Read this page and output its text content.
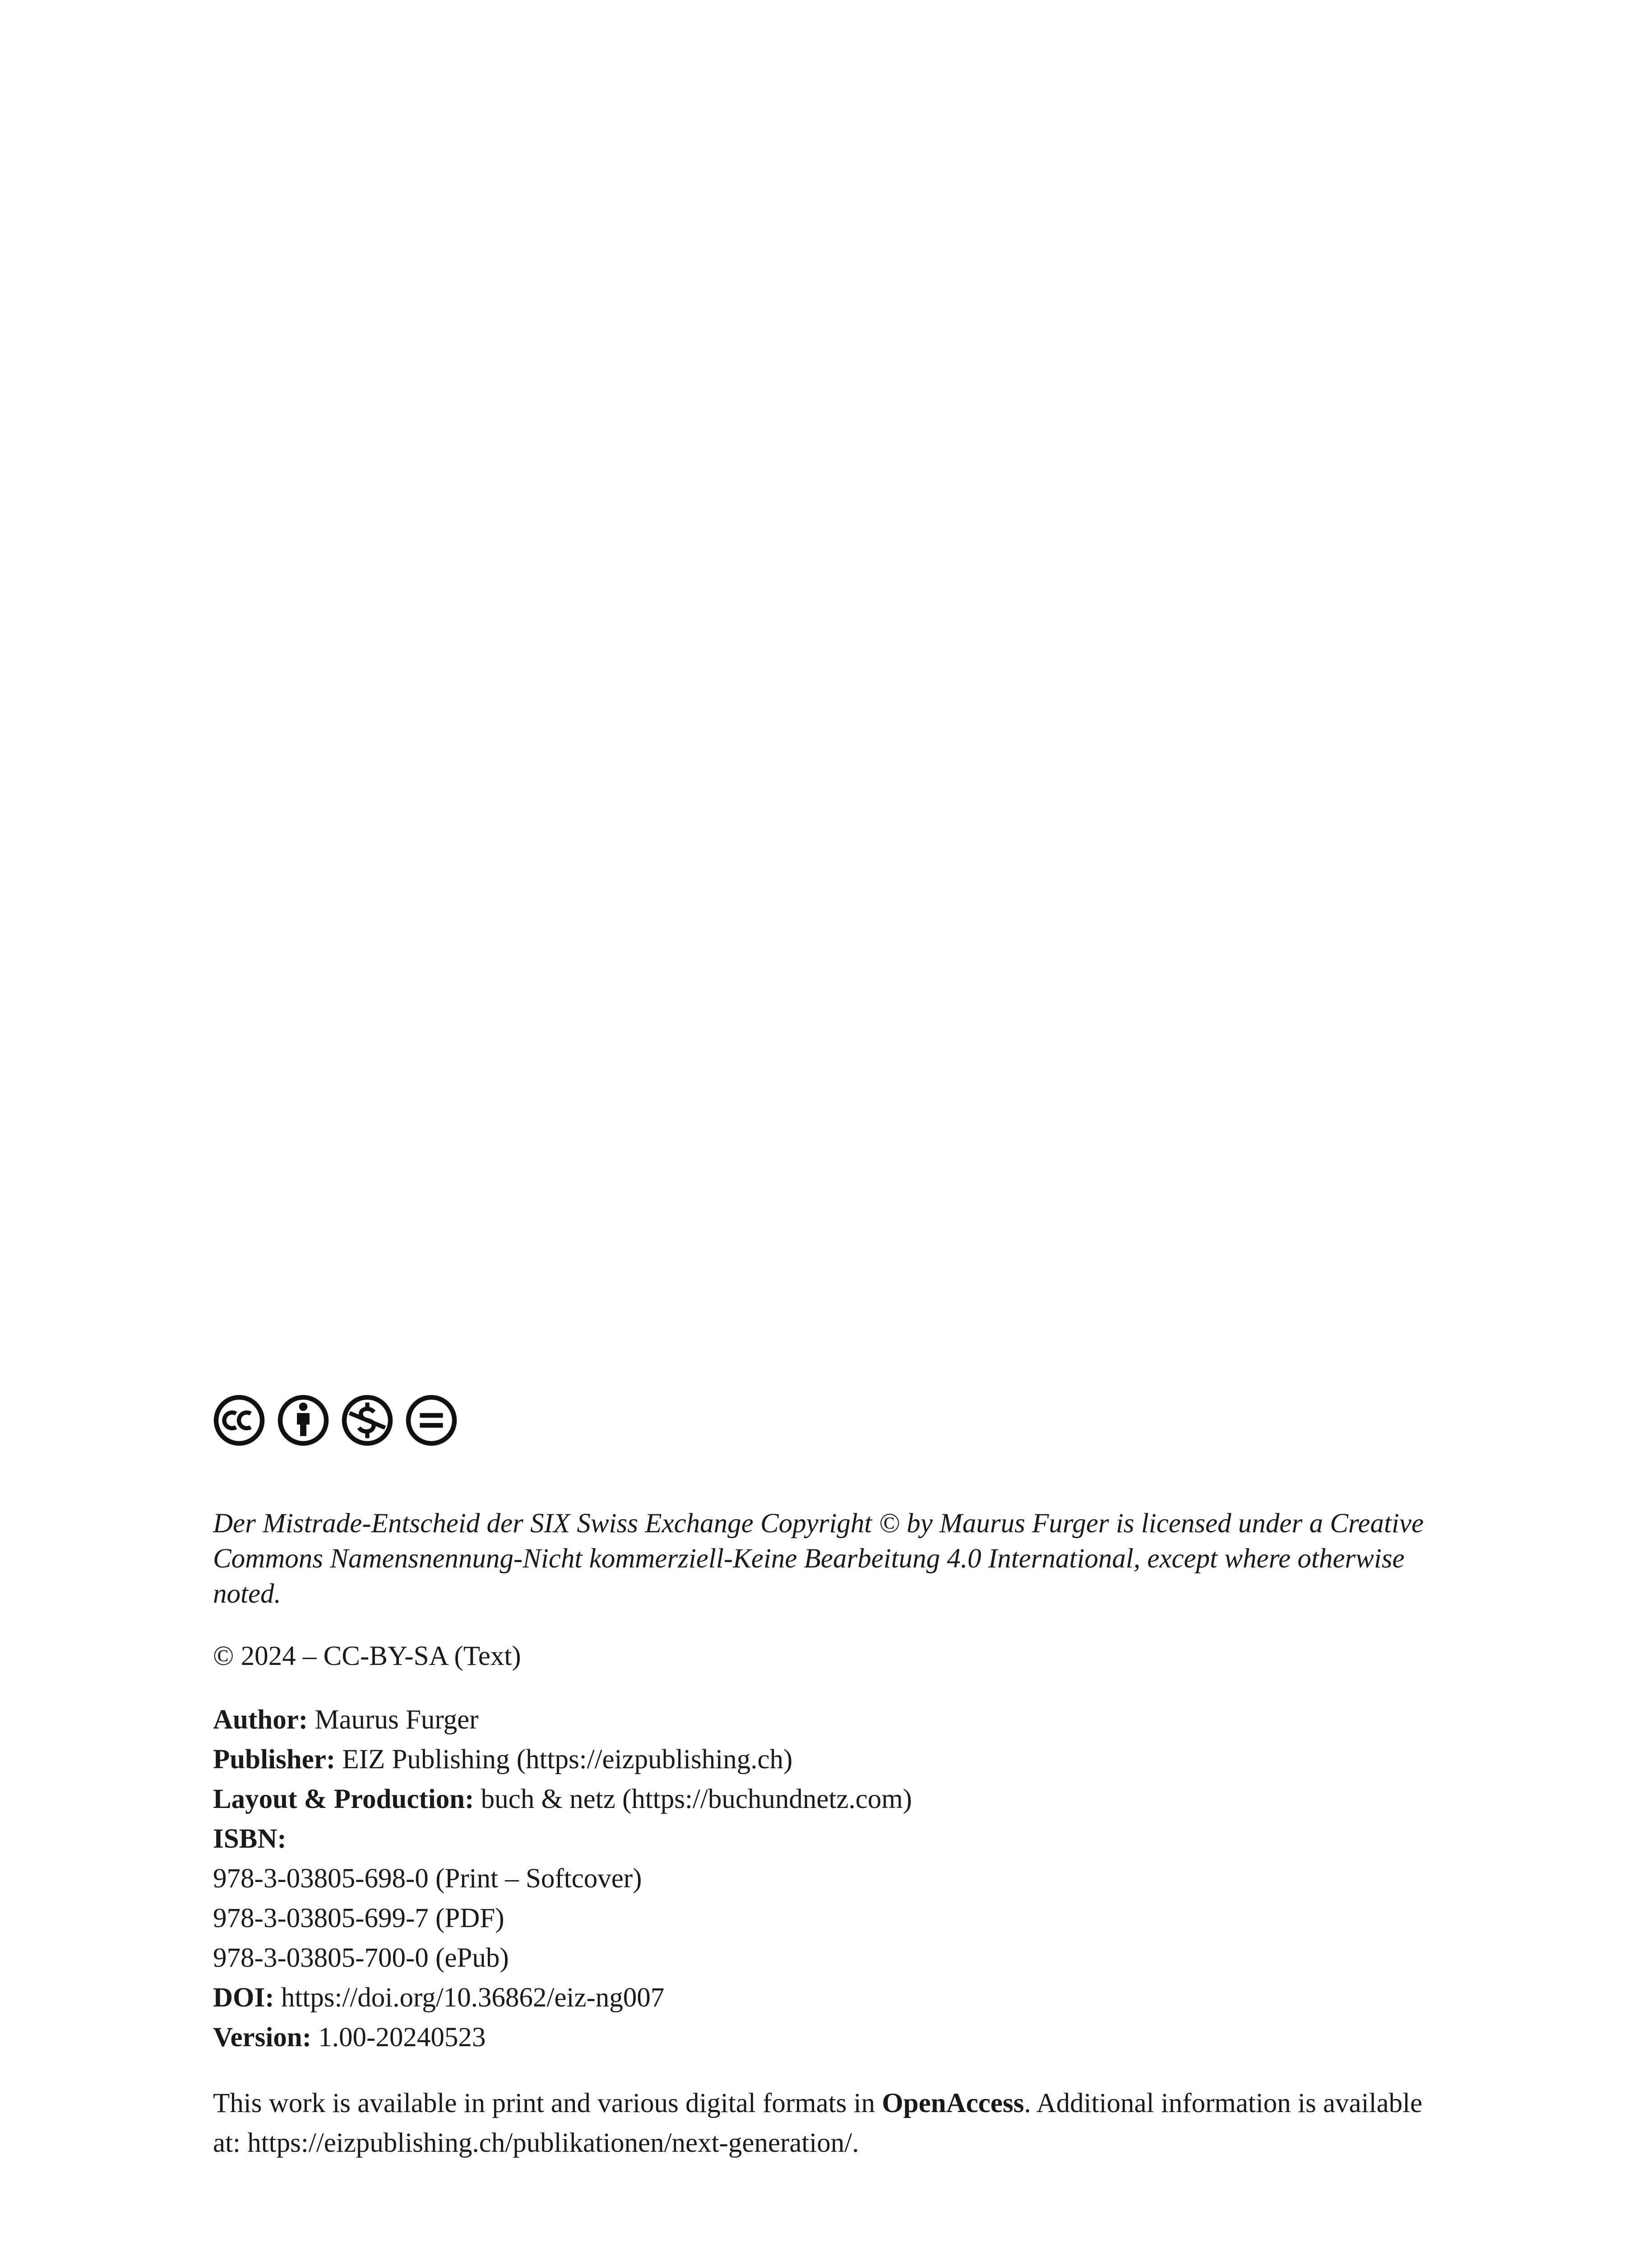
Der Mistrade-Entscheid der SIX Swiss Exchange Copyright © by Maurus Furger is licensed under a Creative Commons Namensnennung-Nicht kommerziell-Keine Bearbeitung 4.0 International, except where otherwise noted.

© 2024 – CC-BY-SA (Text)

Author: Maurus Furger
Publisher: EIZ Publishing (https://eizpublishing.ch)
Layout & Production: buch & netz (https://buchundnetz.com)
ISBN:
978-3-03805-698-0 (Print – Softcover)
978-3-03805-699-7 (PDF)
978-3-03805-700-0 (ePub)
DOI: https://doi.org/10.36862/eiz-ng007
Version: 1.00-20240523

This work is available in print and various digital formats in OpenAccess. Additional information is available at: https://eizpublishing.ch/publikationen/next-generation/.
